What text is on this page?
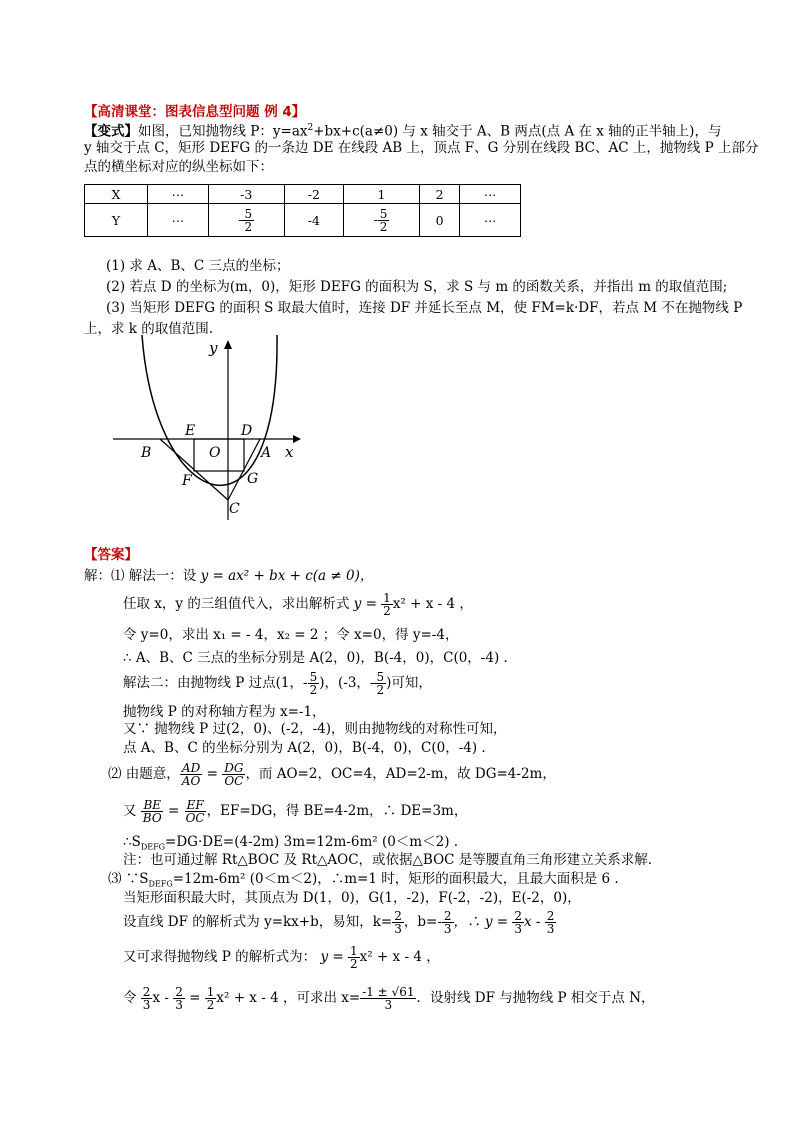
【高清课堂：图表信息型问题 例 4】
【变式】如图，已知抛物线 P：$y=ax^2+bx+c(a\ne 0)$ 与 x 轴交于 A、B 两点(点 A 在 x 轴的正半轴上)，与
y 轴交于点 C，矩形 DEFG 的一条边 DE 在线段 AB 上，顶点 F、G 分别在线段 BC、AC 上，抛物线 P 上部分
点的横坐标对应的纵坐标如下：
X	⋯	-3	-2	1	2	⋯
Y	⋯	- $\frac{5}{2}$	-4	- $\frac{5}{2}$	0	⋯
(1) 求 A、B、C 三点的坐标；
(2) 若点 D 的坐标为(m，0)，矩形 DEFG 的面积为 S，求 S 与 m 的函数关系，并指出 m 的取值范围;
(3) 当矩形 DEFG 的面积 S 取最大值时，连接 DF 并延长至点 M，使 FM=k·DF，若点 M 不在抛物线 P
上，求 k 的取值范围.
y
x
E	D
O
B	A
F	G
C
【答案】
解：⑴ 解法一：设 y = ax² + bx + c(a ≠ 0)，
任取 x，y 的三组值代入，求出解析式 $y = \frac{1}{2} x^2 + x - 4$ ，
令 y=0，求出 x₁ = - 4，x₂ = 2 ；令 x=0，得 y=-4，
∴ A、B、C 三点的坐标分别是 A(2，0)，B(-4，0)，C(0，-4) .
解法二：由抛物线 P 过点(1，- $\frac{5}{2}$ )，(-3，- $\frac{5}{2}$ )可知，
抛物线 P 的对称轴方程为 x=-1，
又∵ 抛物线 P 过(2，0)、(-2，-4)，则由抛物线的对称性可知，
点 A、B、C 的坐标分别为 A(2，0)，B(-4，0)，C(0，-4) .
⑵ 由题意， $\frac{AD}{AO} = \frac{DG}{OC}$ ，而 AO=2，OC=4，AD=2-m，故 DG=4-2m，
又 $\frac{BE}{BO} = \frac{EF}{OC}$ ，EF=DG，得 BE=4-2m，∴ DE=3m，
$\therefore S_{DEFG}=DG\cdot DE=(4-2m)$ 3m=12m-6m² (0＜m＜2) .
注：也可通过解 Rt△BOC 及 Rt△AOC，或依据△BOC 是等腰直角三角形建立关系求解.
⑶ $\because S_{DEFG}=12m-6m^2$ (0＜m＜2)，∴m=1 时，矩形的面积最大，且最大面积是 6 .
当矩形面积最大时，其顶点为 D(1，0)，G(1，-2)，F(-2，-2)，E(-2，0)，
设直线 DF 的解析式为 y=kx+b，易知，$k= \frac{2}{3}$ ，$b=- \frac{2}{3}$ ，∴ $y = \frac{2}{3}$ x - $\frac{2}{3}$
又可求得抛物线 P 的解析式为： $y = \frac{1}{2} x^2 + x - 4$ ，
令 $\frac{2}{3}$ $x - \frac{2}{3} = \frac{1}{2} x^2 + x - 4$ ，可求出 $x= \frac{-1 \pm √61}{3}$ ．设射线 DF 与抛物线 P 相交于点 N，
